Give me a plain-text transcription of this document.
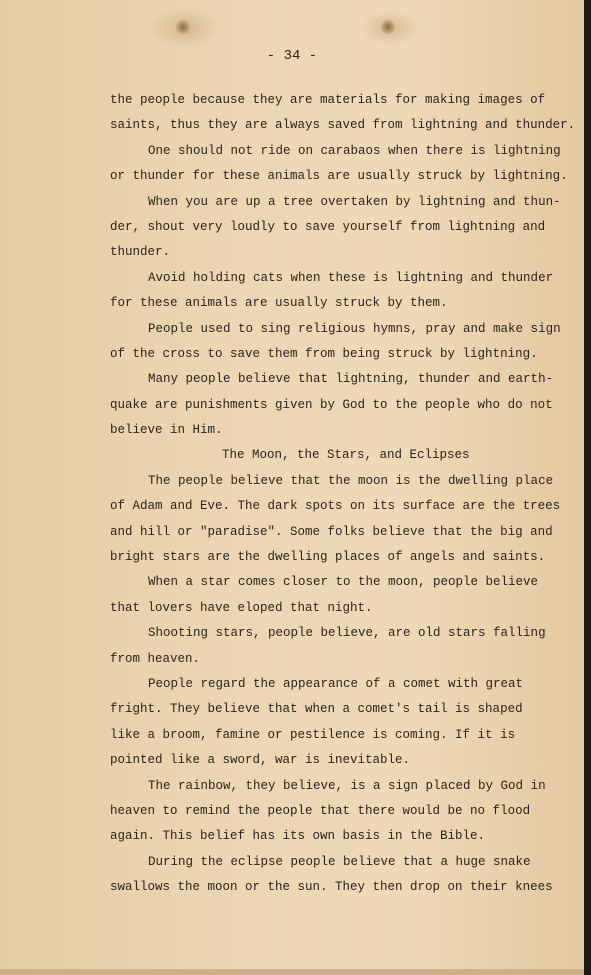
- 34 -
the people because they are materials for making images of
saints, thus they are always saved from lightning and thunder.
One should not ride on carabaos when there is lightning
or thunder for these animals are usually struck by lightning.
When you are up a tree overtaken by lightning and thun-
der, shout very loudly to save yourself from lightning and
thunder.
Avoid holding cats when these is lightning and thunder
for these animals are usually struck by them.
People used to sing religious hymns, pray and make sign
of the cross to save them from being struck by lightning.
Many people believe that lightning, thunder and earth-
quake are punishments given by God to the people who do not
believe in Him.
The Moon, the Stars, and Eclipses
The people believe that the moon is the dwelling place
of Adam and Eve. The dark spots on its surface are the trees
and hill or "paradise". Some folks believe that the big and
bright stars are the dwelling places of angels and saints.
When a star comes closer to the moon, people believe
that lovers have eloped that night.
Shooting stars, people believe, are old stars falling
from heaven.
People regard the appearance of a comet with great
fright. They believe that when a comet's tail is shaped
like a broom, famine or pestilence is coming. If it is
pointed like a sword, war is inevitable.
The rainbow, they believe, is a sign placed by God in
heaven to remind the people that there would be no flood
again. This belief has its own basis in the Bible.
During the eclipse people believe that a huge snake
swallows the moon or the sun. They then drop on their knees
